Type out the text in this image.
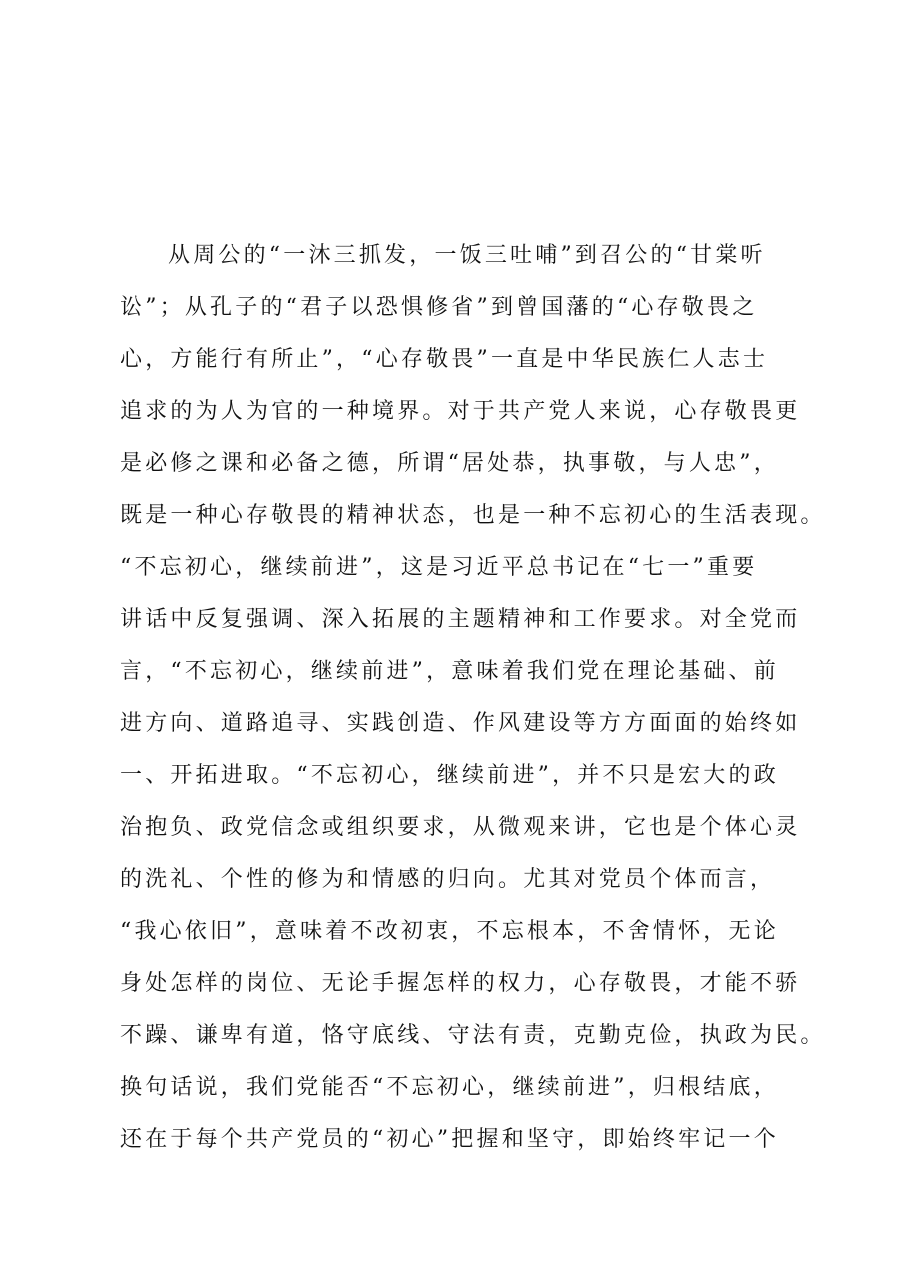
从周公的“一沐三抓发，一饭三吐哺”到召公的“甘棠听
讼”；从孔子的“君子以恐惧修省”到曾国藩的“心存敬畏之
心，方能行有所止”，“心存敬畏”一直是中华民族仁人志士
追求的为人为官的一种境界。对于共产党人来说，心存敬畏更
是必修之课和必备之德，所谓“居处恭，执事敬，与人忠”，
既是一种心存敬畏的精神状态，也是一种不忘初心的生活表现。
“不忘初心，继续前进”，这是习近平总书记在“七一”重要
讲话中反复强调、深入拓展的主题精神和工作要求。对全党而
言，“不忘初心，继续前进”，意味着我们党在理论基础、前
进方向、道路追寻、实践创造、作风建设等方方面面的始终如
一、开拓进取。“不忘初心，继续前进”，并不只是宏大的政
治抱负、政党信念或组织要求，从微观来讲，它也是个体心灵
的洗礼、个性的修为和情感的归向。尤其对党员个体而言，
“我心依旧”，意味着不改初衷，不忘根本，不舍情怀，无论
身处怎样的岗位、无论手握怎样的权力，心存敬畏，才能不骄
不躁、谦卑有道，恪守底线、守法有责，克勤克俭，执政为民。
换句话说，我们党能否“不忘初心，继续前进”，归根结底，
还在于每个共产党员的“初心”把握和坚守，即始终牢记一个
